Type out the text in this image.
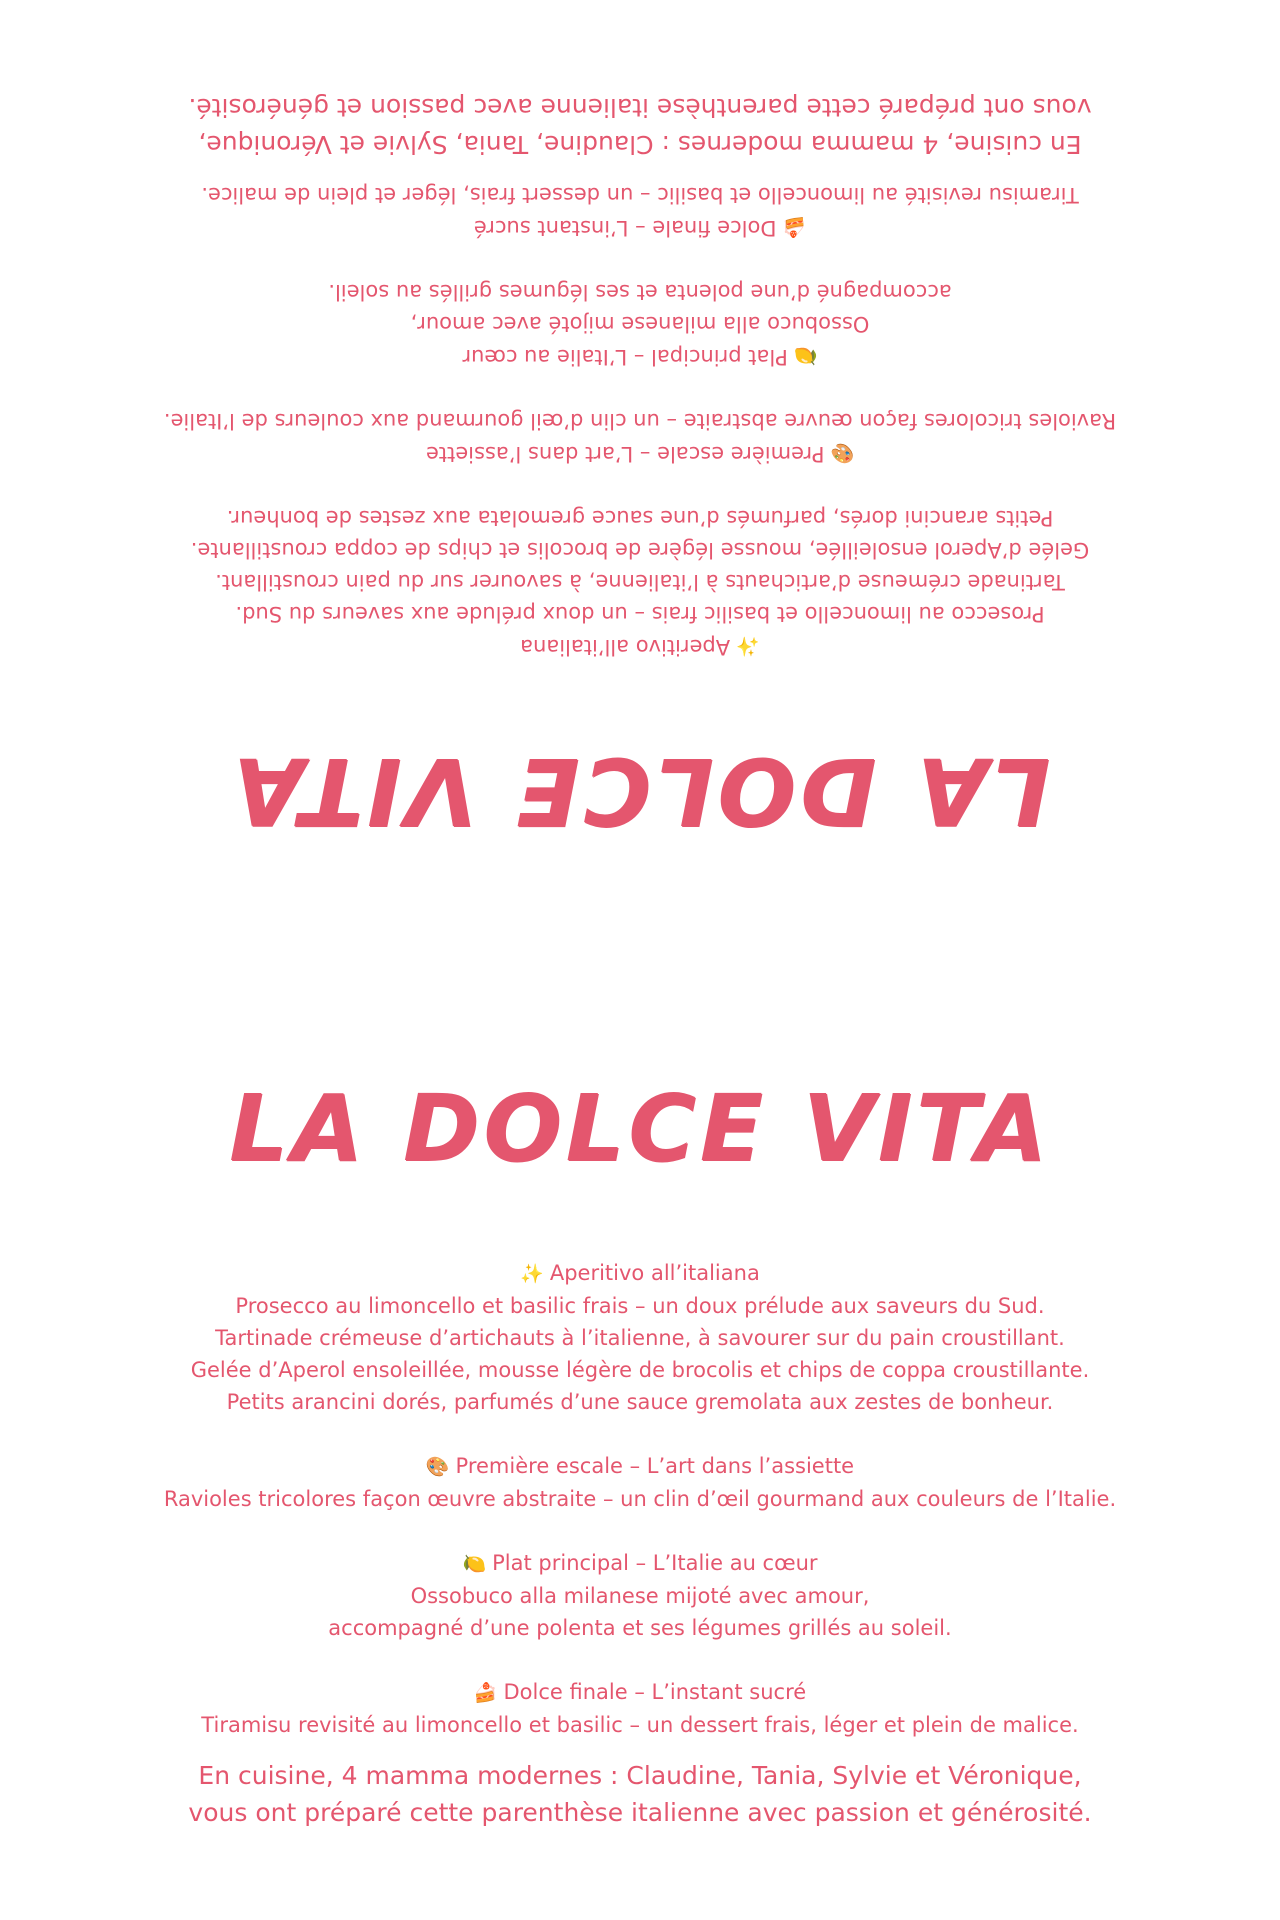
LA DOLCE VITA
✨Aperitivo all’italiana
Prosecco au limoncello et basilic frais – un doux prélude aux saveurs du Sud.
Tartinade crémeuse d’artichauts à l’italienne, à savourer sur du pain croustillant.
Gelée d’Aperol ensoleillée, mousse légère de brocolis et chips de coppa croustillante.
Petits arancini dorés, parfumés d’une sauce gremolata aux zestes de bonheur.
🎨Première escale – L’art dans l’assiette
Ravioles tricolores façon œuvre abstraite – un clin d’œil gourmand aux couleurs de l’Italie.
🍋Plat principal – L’Italie au cœur
Ossobuco alla milanese mijoté avec amour,
accompagné d’une polenta et ses légumes grillés au soleil.
🍰Dolce finale – L’instant sucré
Tiramisu revisité au limoncello et basilic – un dessert frais, léger et plein de malice.
En cuisine, 4 mamma modernes : Claudine, Tania, Sylvie et Véronique,
vous ont préparé cette parenthèse italienne avec passion et générosité.
LA DOLCE VITA
✨ Aperitivo all’italiana
Prosecco au limoncello et basilic frais – un doux prélude aux saveurs du Sud.
Tartinade crémeuse d’artichauts à l’italienne, à savourer sur du pain croustillant.
Gelée d’Aperol ensoleillée, mousse légère de brocolis et chips de coppa croustillante.
Petits arancini dorés, parfumés d’une sauce gremolata aux zestes de bonheur.
🎨 Première escale – L’art dans l’assiette
Ravioles tricolores façon œuvre abstraite – un clin d’œil gourmand aux couleurs de l’Italie.
🍋 Plat principal – L’Italie au cœur
Ossobuco alla milanese mijoté avec amour,
accompagné d’une polenta et ses légumes grillés au soleil.
🍰 Dolce finale – L’instant sucré
Tiramisu revisité au limoncello et basilic – un dessert frais, léger et plein de malice.
En cuisine, 4 mamma modernes : Claudine, Tania, Sylvie et Véronique,
vous ont préparé cette parenthèse italienne avec passion et générosité.
